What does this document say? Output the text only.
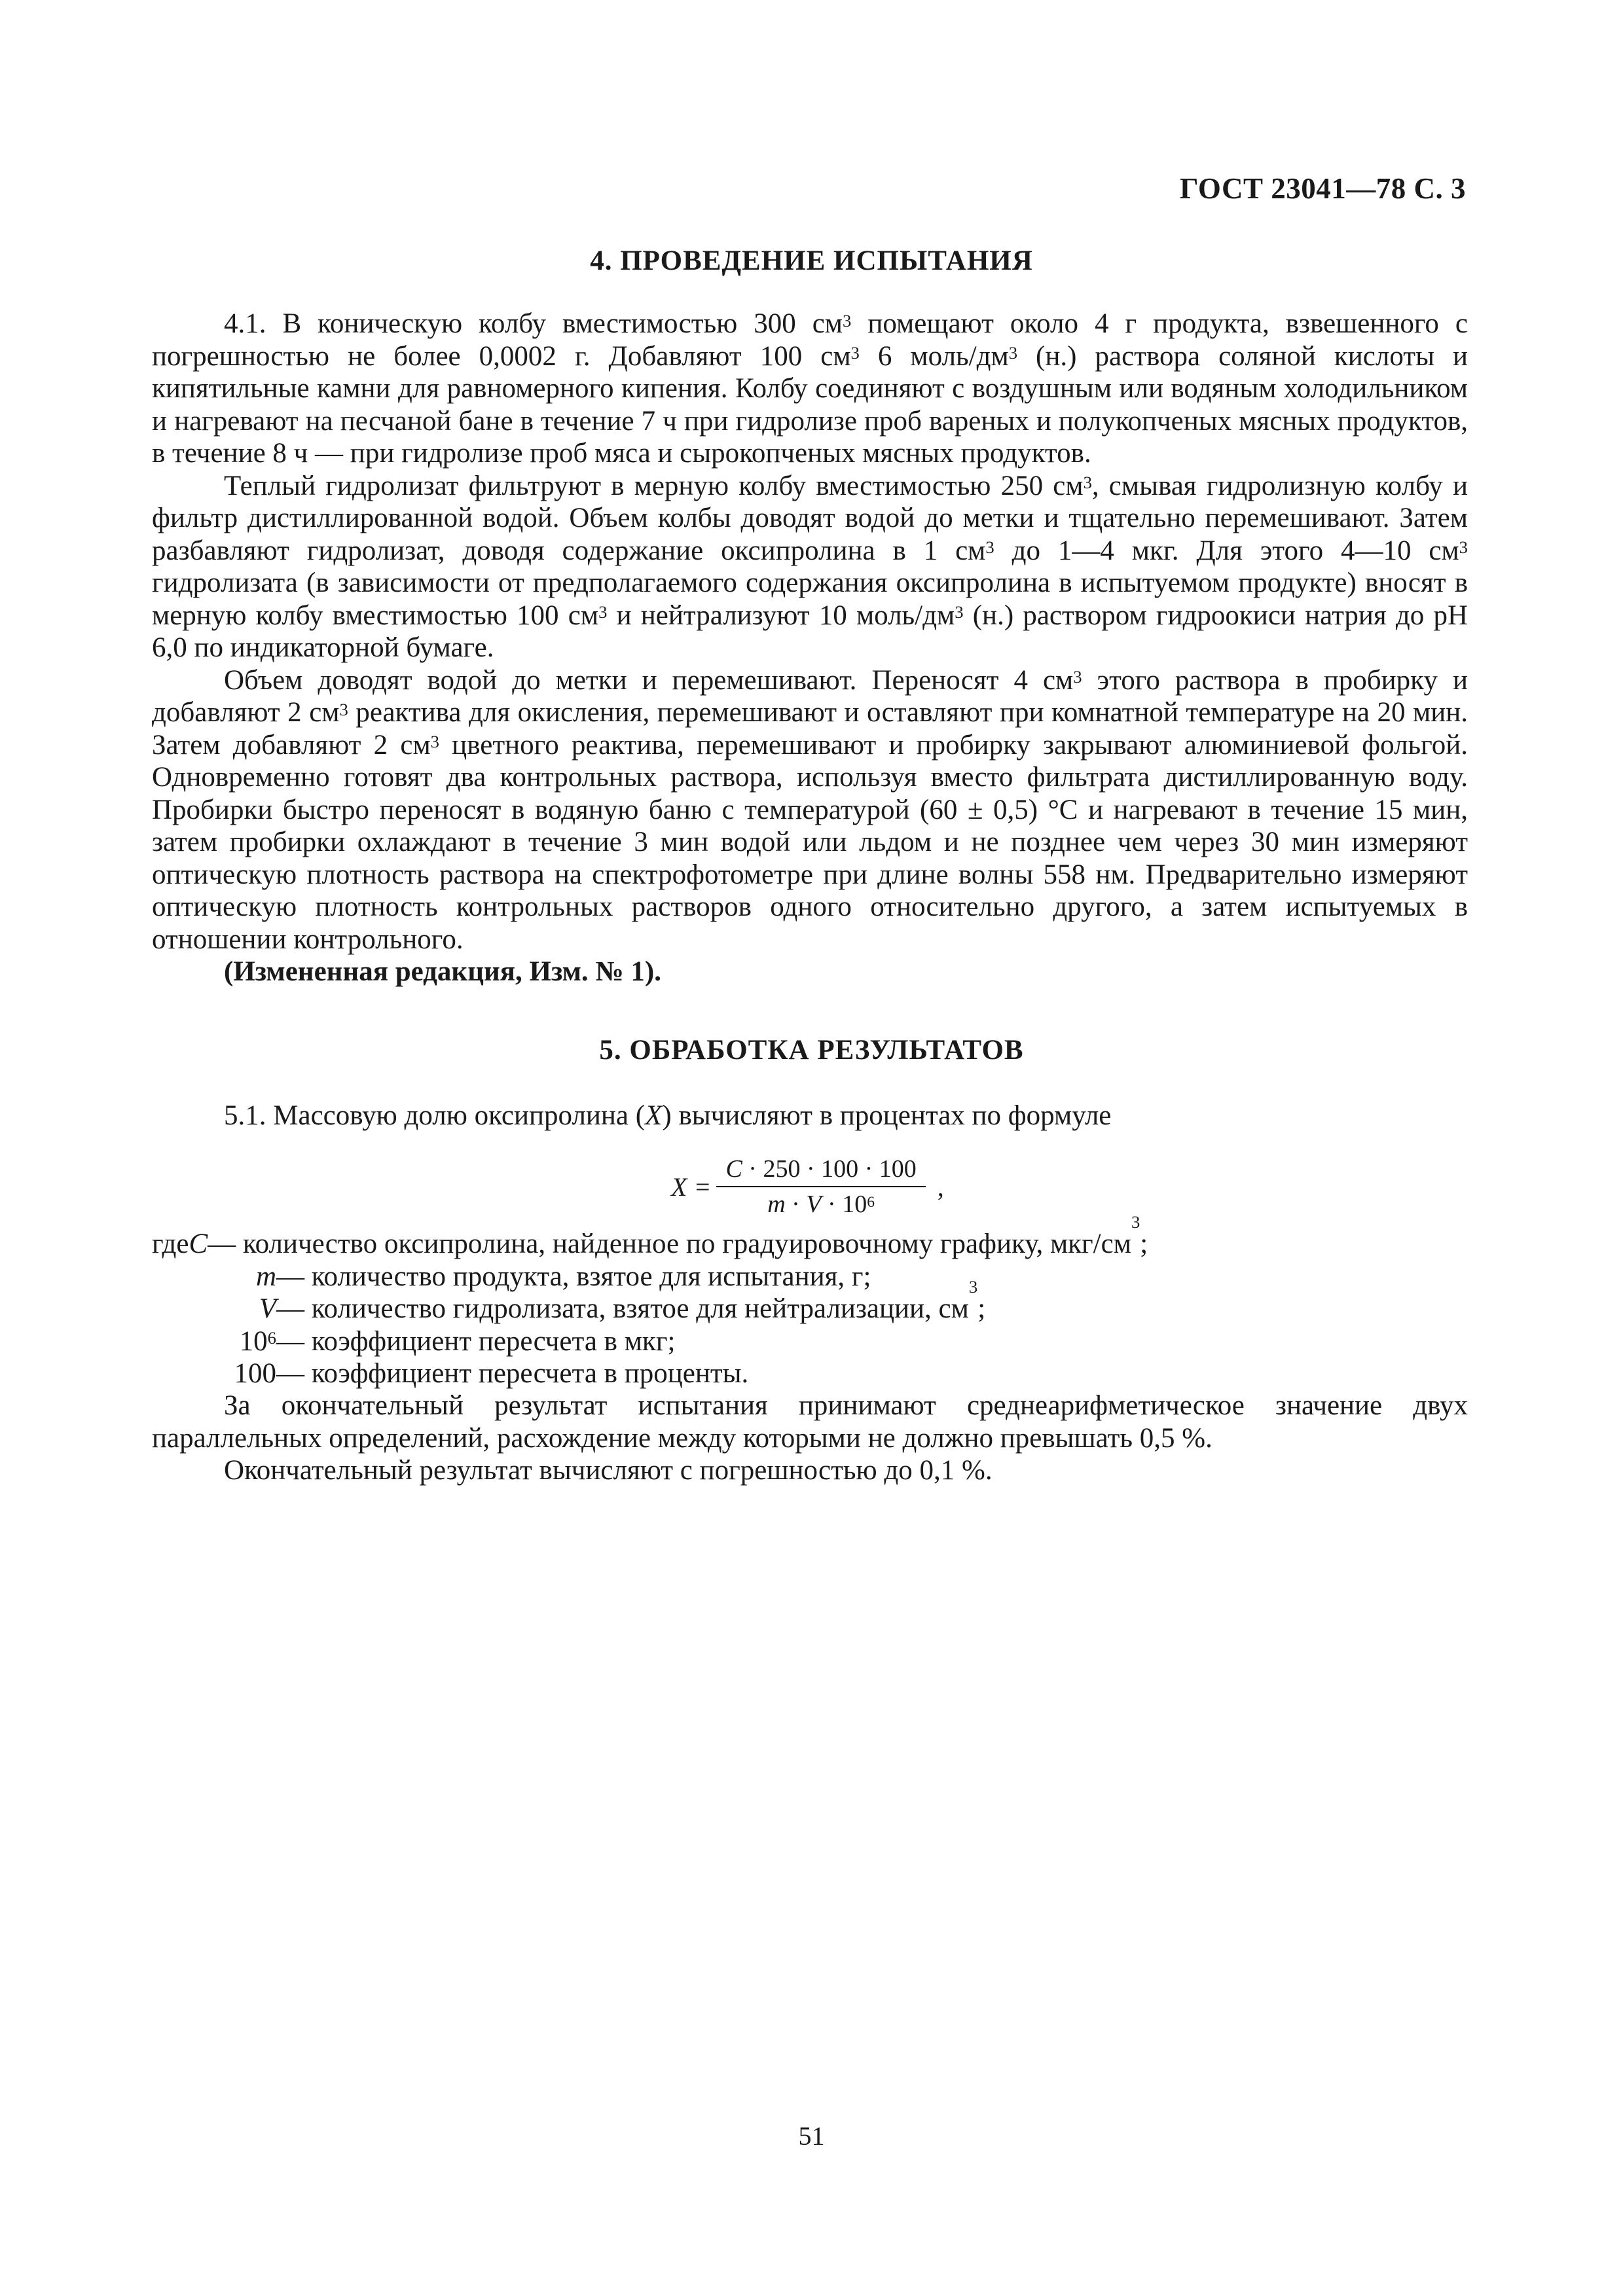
ГОСТ 23041—78 С. 3
4. ПРОВЕДЕНИЕ ИСПЫТАНИЯ

4.1. В коническую колбу вместимостью 300 $см^3$ помещают около 4 г продукта, взвешенного с погрешностью не более 0,0002 г. Добавляют 100 $см^3$ 6 моль/$дм^3$ (н.) раствора соляной кислоты и кипятильные камни для равномерного кипения. Колбу соединяют с воздушным или водяным холодильником и нагревают на песчаной бане в течение 7 ч при гидролизе проб вареных и полукопченых мясных продуктов, в течение 8 ч — при гидролизе проб мяса и сырокопченых мясных продуктов.

Теплый гидролизат фильтруют в мерную колбу вместимостью 250 $см^3$, смывая гидролизную колбу и фильтр дистиллированной водой. Объем колбы доводят водой до метки и тщательно перемешивают. Затем разбавляют гидролизат, доводя содержание оксипролина в 1 $см^3$ до 1—4 мкг. Для этого 4—10 $см^3$ гидролизата (в зависимости от предполагаемого содержания оксипролина в испытуемом продукте) вносят в мерную колбу вместимостью 100 $см^3$ и нейтрализуют 10 моль/$дм^3$ (н.) раствором гидроокиси натрия до pH 6,0 по индикаторной бумаге.

Объем доводят водой до метки и перемешивают. Переносят 4 $см^3$ этого раствора в пробирку и добавляют 2 $см^3$ реактива для окисления, перемешивают и оставляют при комнатной температуре на 20 мин. Затем добавляют 2 $см^3$ цветного реактива, перемешивают и пробирку закрывают алюминиевой фольгой. Одновременно готовят два контрольных раствора, используя вместо фильтрата дистиллированную воду. Пробирки быстро переносят в водяную баню с температурой (60 ± 0,5) °С и нагревают в течение 15 мин, затем пробирки охлаждают в течение 3 мин водой или льдом и не позднее чем через 30 мин измеряют оптическую плотность раствора на спектрофотометре при длине волны 558 нм. Предварительно измеряют оптическую плотность контрольных растворов одного относительно другого, а затем испытуемых в отношении контрольного.

(Измененная редакция, Изм. № 1).

5. ОБРАБОТКА РЕЗУЛЬТАТОВ

5.1. Массовую долю оксипролина (X) вычисляют в процентах по формуле

$X = \frac{C \cdot 250 \cdot 100 \cdot 100}{m \cdot V \cdot 10^6}$ ,
где C — количество оксипролина, найденное по градуировочному графику, мкг/см
$^3$
;
m — количество продукта, взятое для испытания, г;
V — количество гидролизата, взятое для нейтрализации, см
$^3$
;
$10^6$ — коэффициент пересчета в мкг;
100 — коэффициент пересчета в проценты.

За окончательный результат испытания принимают среднеарифметическое значение двух параллельных определений, расхождение между которыми не должно превышать 0,5 %.

Окончательный результат вычисляют с погрешностью до 0,1 %.

51
